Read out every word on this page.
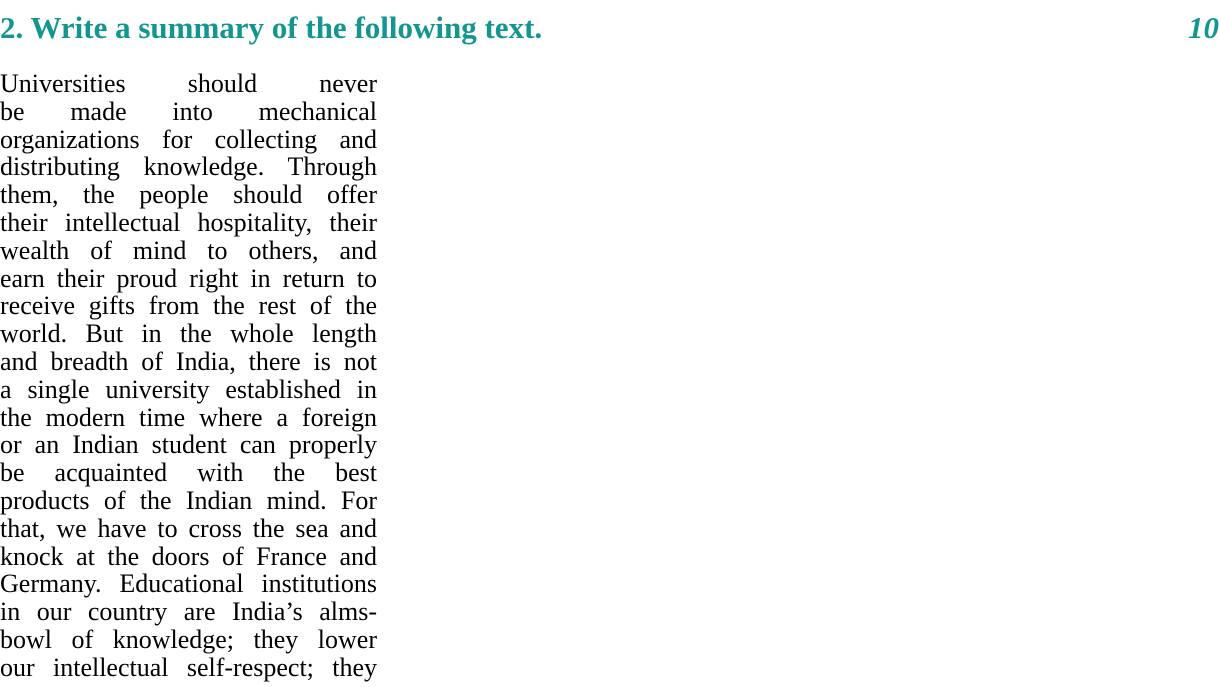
2. Write a summary of the following text.	10
Universities should never
be made into mechanical
organizations for collecting and
distributing knowledge. Through
them, the people should offer
their intellectual hospitality, their
wealth of mind to others, and
earn their proud right in return to
receive gifts from the rest of the
world. But in the whole length
and breadth of India, there is not
a single university established in
the modern time where a foreign
or an Indian student can properly
be acquainted with the best
products of the Indian mind. For
that, we have to cross the sea and
knock at the doors of France and
Germany. Educational institutions
in our country are India’s alms-
bowl of knowledge; they lower
our intellectual self-respect; they
